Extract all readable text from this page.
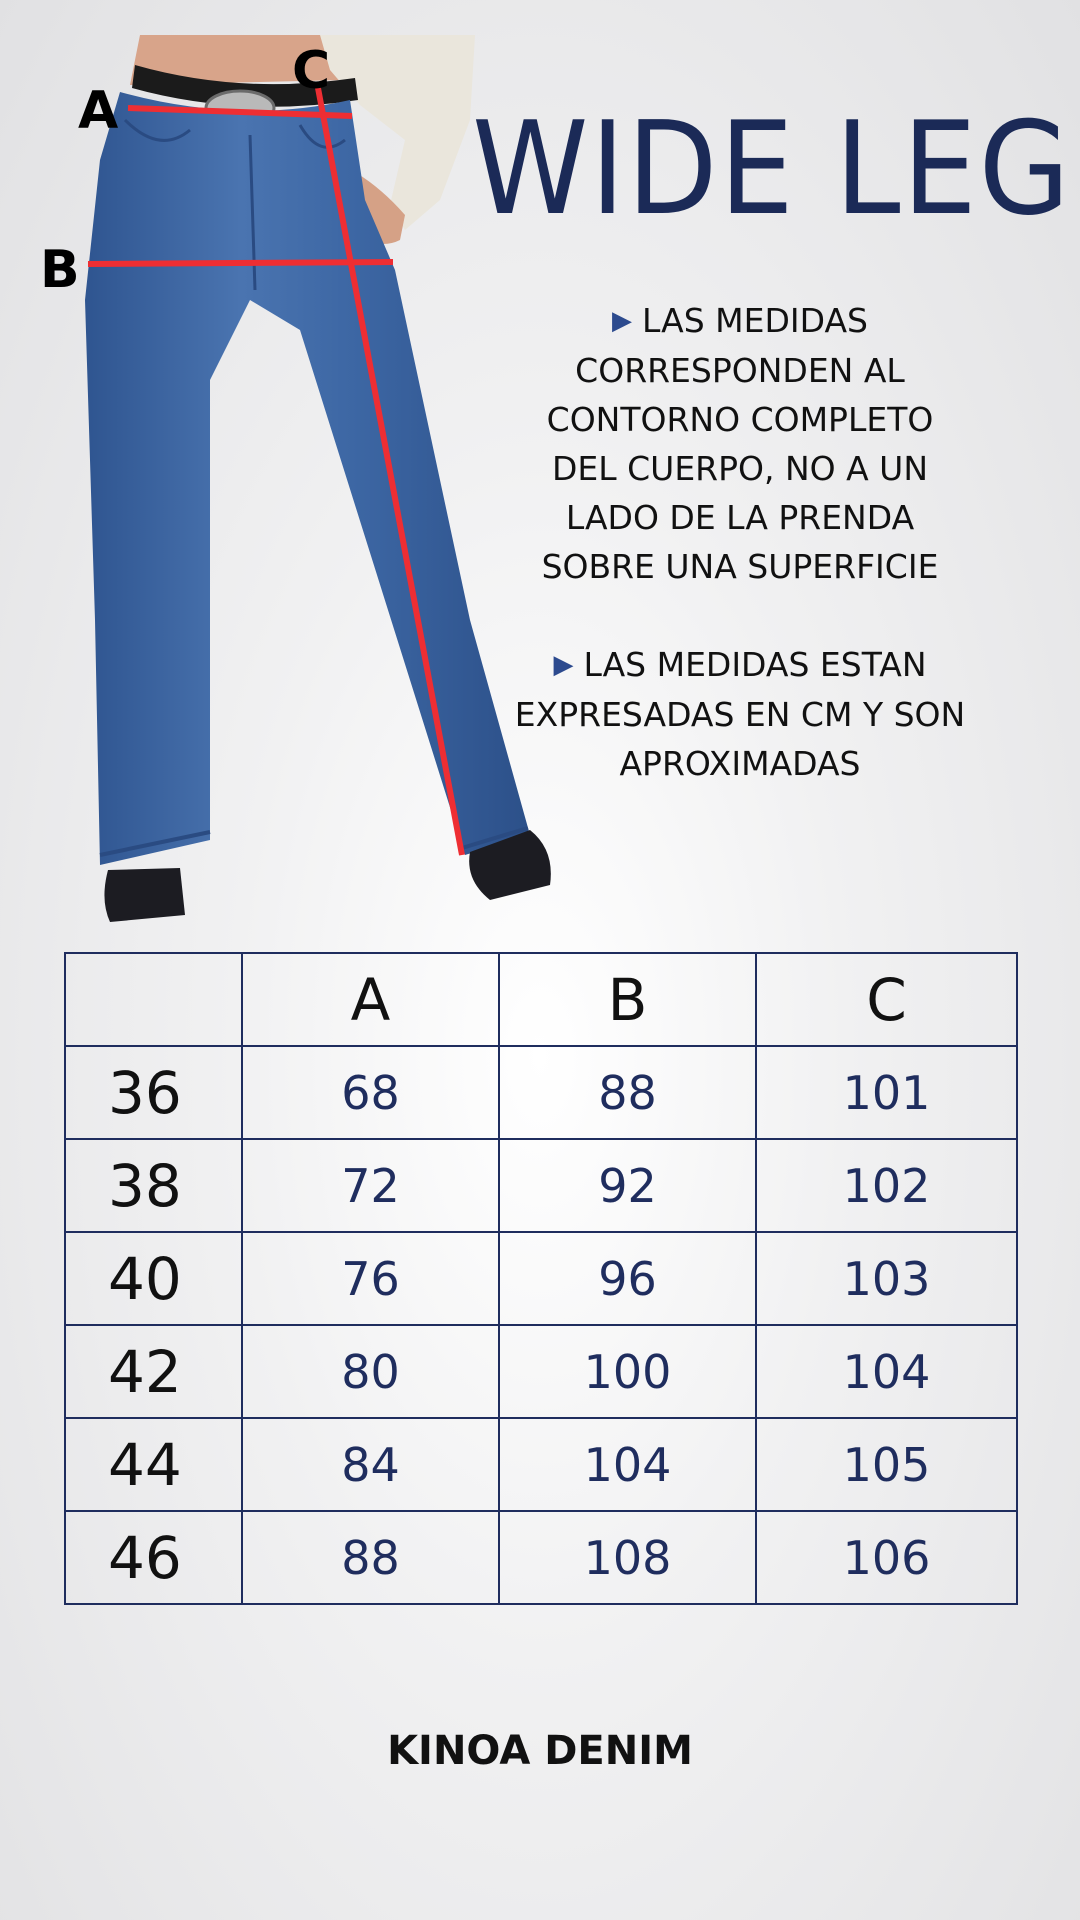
A
B
C
WIDE LEG
▶ LAS MEDIDAS
CORRESPONDEN AL
CONTORNO COMPLETO
DEL CUERPO, NO A UN
LADO DE LA PRENDA
SOBRE UNA SUPERFICIE
▶ LAS MEDIDAS ESTAN
EXPRESADAS EN CM Y SON
APROXIMADAS
	A	B	C
36	68	88	101
38	72	92	102
40	76	96	103
42	80	100	104
44	84	104	105
46	88	108	106
KINOA DENIM
